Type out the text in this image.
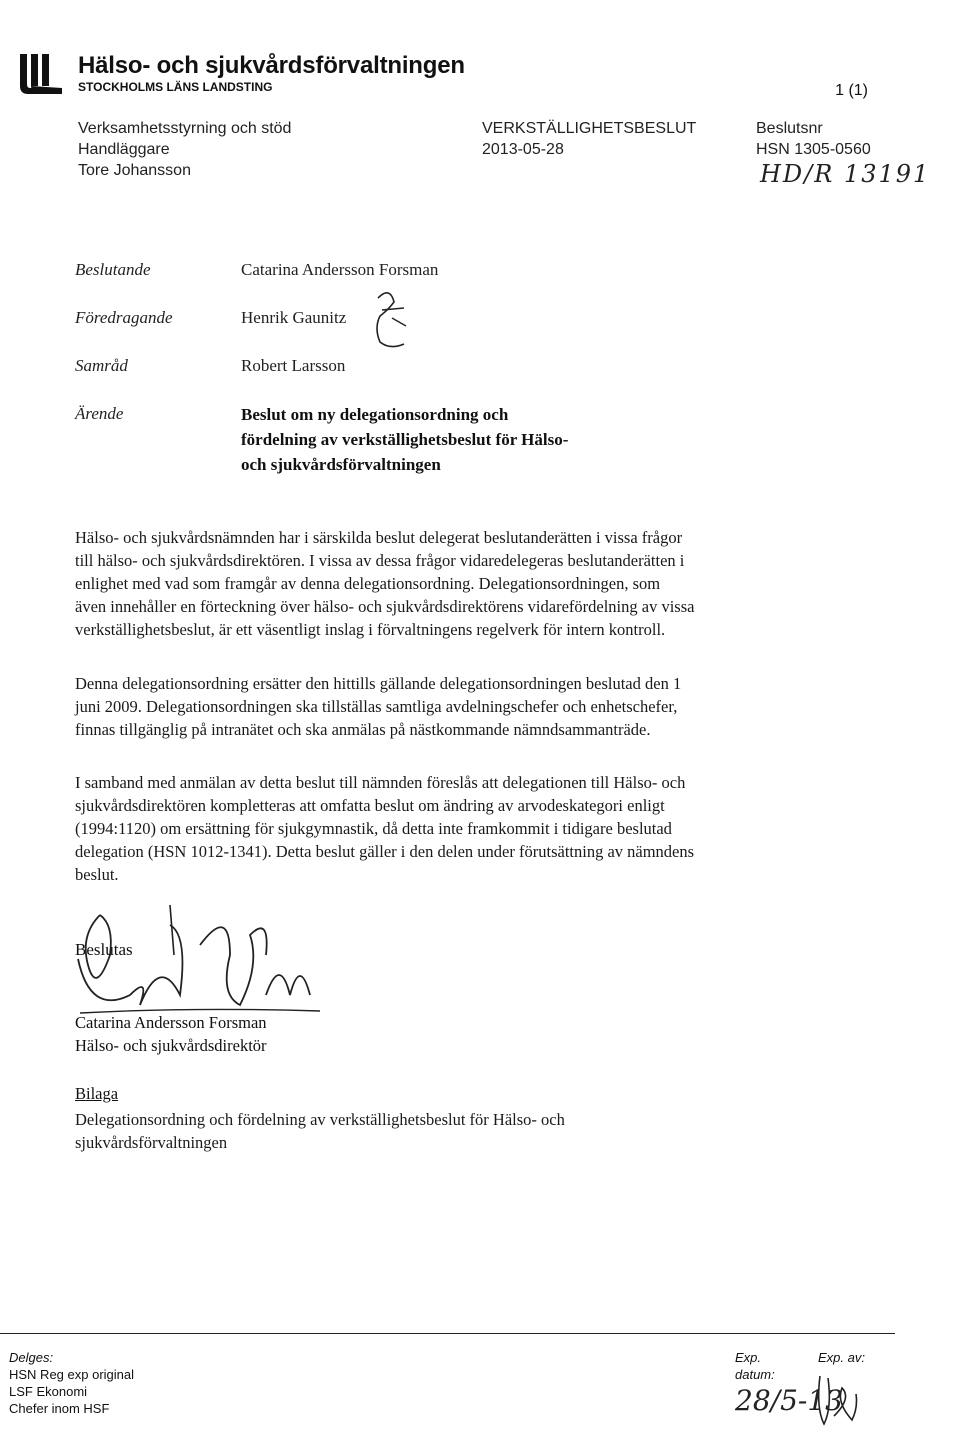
Hälso- och sjukvårdsförvaltningen
STOCKHOLMS LÄNS LANDSTING	1 (1)
Verksamhetsstyrning och stöd
Handläggare
Tore Johansson
VERKSTÄLLIGHETSBESLUT
2013-05-28
Beslutsnr
HSN 1305-0560
HD/R 13191
Beslutande	Catarina Andersson Forsman
Föredragande	Henrik Gaunitz
Samråd	Robert Larsson
Ärende	Beslut om ny delegationsordning och
fördelning av verkställighetsbeslut för Hälso-
och sjukvårdsförvaltningen
Hälso- och sjukvårdsnämnden har i särskilda beslut delegerat beslutanderätten i vissa frågor
till hälso- och sjukvårdsdirektören. I vissa av dessa frågor vidaredelegeras beslutanderätten i
enlighet med vad som framgår av denna delegationsordning. Delegationsordningen, som
även innehåller en förteckning över hälso- och sjukvårdsdirektörens vidarefördelning av vissa
verkställighetsbeslut, är ett väsentligt inslag i förvaltningens regelverk för intern kontroll.
Denna delegationsordning ersätter den hittills gällande delegationsordningen beslutad den 1
juni 2009. Delegationsordningen ska tillställas samtliga avdelningschefer och enhetschefer,
finnas tillgänglig på intranätet och ska anmälas på nästkommande nämndsammanträde.
I samband med anmälan av detta beslut till nämnden föreslås att delegationen till Hälso- och
sjukvårdsdirektören kompletteras att omfatta beslut om ändring av arvodeskategori enligt
(1994:1120) om ersättning för sjukgymnastik, då detta inte framkommit i tidigare beslutad
delegation (HSN 1012-1341). Detta beslut gäller i den delen under förutsättning av nämndens
beslut.
Beslutas
Catarina Andersson Forsman
Hälso- och sjukvårdsdirektör
Bilaga
Delegationsordning och fördelning av verkställighetsbeslut för Hälso- och
sjukvårdsförvaltningen
Delges:
HSN Reg exp original
LSF Ekonomi
Chefer inom HSF
Exp.
datum:
Exp. av:
28/5-13
